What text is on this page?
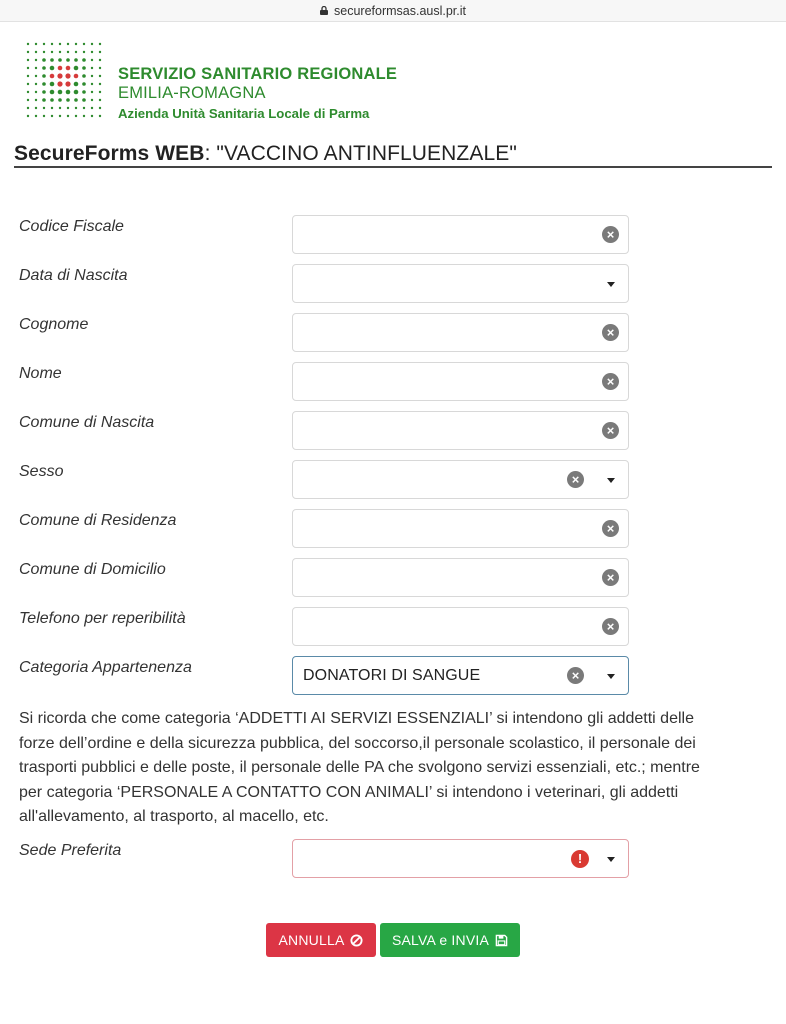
secureformsas.ausl.pr.it
SERVIZIO SANITARIO REGIONALE
EMILIA-ROMAGNA
Azienda Unità Sanitaria Locale di Parma
SecureForms WEB: "VACCINO ANTINFLUENZALE"
Codice Fiscale	×
Data di Nascita
Cognome	×
Nome	×
Comune di Nascita	×
Sesso	×
Comune di Residenza	×
Comune di Domicilio	×
Telefono per reperibilità	×
Categoria Appartenenza	DONATORI DI SANGUE	×
Si ricorda che come categoria ‘ADDETTI AI SERVIZI ESSENZIALI’ si intendono gli addetti delle forze dell’ordine e della sicurezza pubblica, del soccorso,il personale scolastico, il personale dei trasporti pubblici e delle poste, il personale delle PA che svolgono servizi essenziali, etc.; mentre per categoria ‘PERSONALE A CONTATTO CON ANIMALI’ si intendono i veterinari, gli addetti all'allevamento, al trasporto, al macello, etc.
Sede Preferita	!
ANNULLA	SALVA e INVIA
